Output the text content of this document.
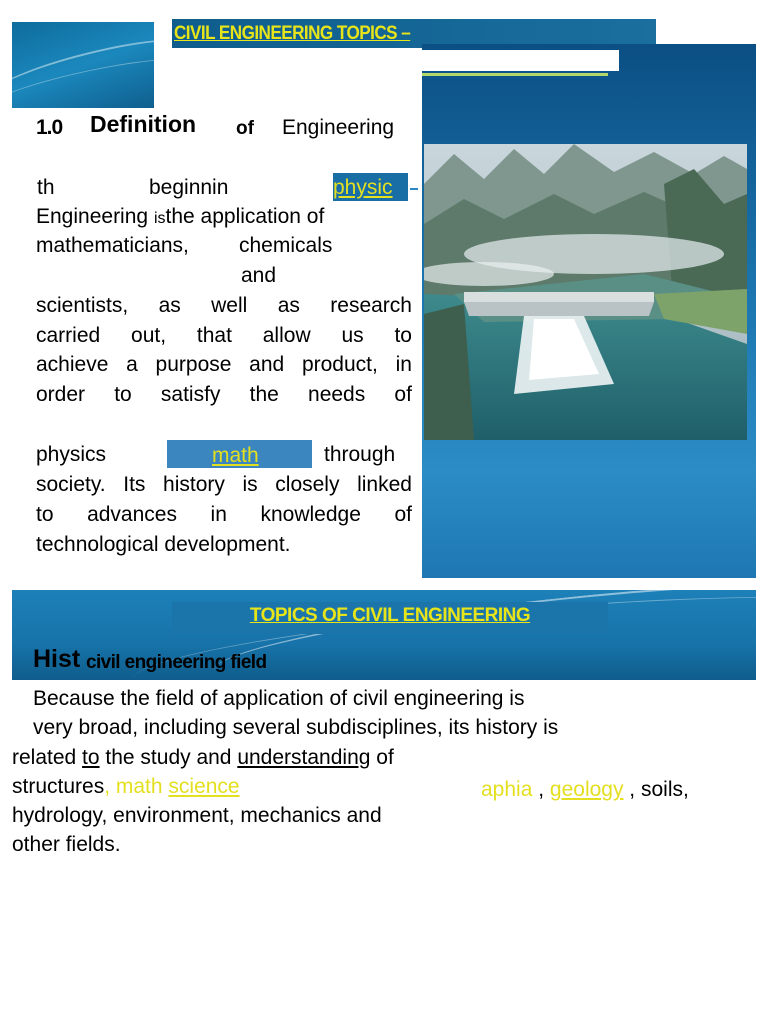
CIVIL ENGINEERING TOPICS –
1.0 Definition of Engineering
th	beginnin	physic
Engineering isthe application of
mathematicians, chemicals
and
scientists, as well as research
carried out, that allow us to
achieve a purpose and product, in
order to satisfy the needs of
physics	math	through
society. Its history is closely linked
to advances in knowledge of
technological development.
TOPICS OF CIVIL ENGINEERING
Hist civil engineering field
Because the field of application of civil engineering is
very broad, including several subdisciplines, its history is
related to the study and understanding of
structures, math science	aphia , geology , soils,
hydrology, environment, mechanics and
other fields.
